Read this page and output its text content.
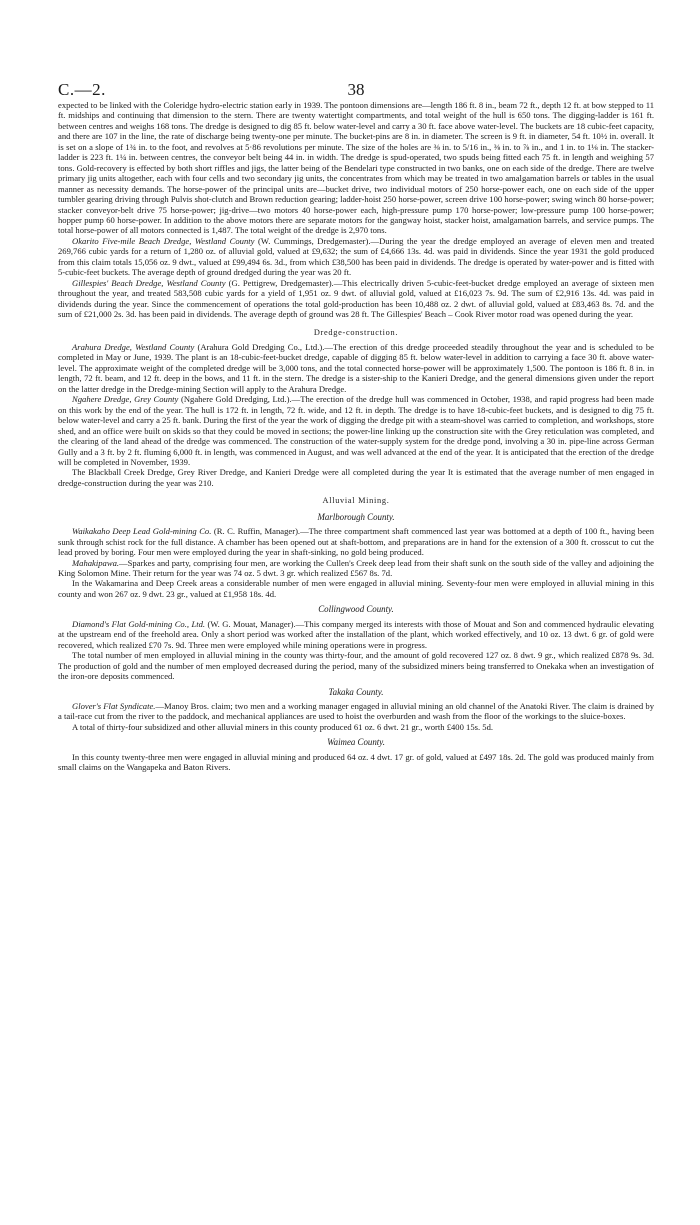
C.—2.	38

expected to be linked with the Coleridge hydro-electric station early in 1939. The pontoon dimensions are—length 186 ft. 8 in., beam 72 ft., depth 12 ft. at bow stepped to 11 ft. midships and continuing that dimension to the stern. There are twenty watertight compartments, and total weight of the hull is 650 tons. The digging-ladder is 161 ft. between centres and weighs 168 tons. The dredge is designed to dig 85 ft. below water-level and carry a 30 ft. face above water-level. The buckets are 18 cubic-feet capacity, and there are 107 in the line, the rate of discharge being twenty-one per minute. The bucket-pins are 8 in. in diameter. The screen is 9 ft. in diameter, 54 ft. 10½ in. overall. It is set on a slope of 1¾ in. to the foot, and revolves at 5·86 revolutions per minute. The size of the holes are ⅜ in. to 5/16 in., ⅜ in. to ⅞ in., and 1 in. to 1⅛ in. The stacker-ladder is 223 ft. 1¼ in. between centres, the conveyor belt being 44 in. in width. The dredge is spud-operated, two spuds being fitted each 75 ft. in length and weighing 57 tons. Gold-recovery is effected by both short riffles and jigs, the latter being of the Bendelari type constructed in two banks, one on each side of the dredge. There are twelve primary jig units altogether, each with four cells and two secondary jig units, the concentrates from which may be treated in two amalgamation barrels or tables in the usual manner as necessity demands. The horse-power of the principal units are—bucket drive, two individual motors of 250 horse-power each, one on each side of the upper tumbler gearing driving through Pulvis shot-clutch and Brown reduction gearing; ladder-hoist 250 horse-power, screen drive 100 horse-power; swing winch 80 horse-power; stacker conveyor-belt drive 75 horse-power; jig-drive—two motors 40 horse-power each, high-pressure pump 170 horse-power; low-pressure pump 100 horse-power; hopper pump 60 horse-power. In addition to the above motors there are separate motors for the gangway hoist, stacker hoist, amalgamation barrels, and service pumps. The total horse-power of all motors connected is 1,487. The total weight of the dredge is 2,970 tons.

Okarito Five-mile Beach Dredge, Westland County (W. Cummings, Dredgemaster).—During the year the dredge employed an average of eleven men and treated 269,766 cubic yards for a return of 1,280 oz. of alluvial gold, valued at £9,632; the sum of £4,666 13s. 4d. was paid in dividends. Since the year 1931 the gold produced from this claim totals 15,056 oz. 9 dwt., valued at £99,494 6s. 3d., from which £38,500 has been paid in dividends. The dredge is operated by water-power and is fitted with 5-cubic-feet buckets. The average depth of ground dredged during the year was 20 ft.

Gillespies' Beach Dredge, Westland County (G. Pettigrew, Dredgemaster).—This electrically driven 5-cubic-feet-bucket dredge employed an average of sixteen men throughout the year, and treated 583,508 cubic yards for a yield of 1,951 oz. 9 dwt. of alluvial gold, valued at £16,023 7s. 9d. The sum of £2,916 13s. 4d. was paid in dividends during the year. Since the commencement of operations the total gold-production has been 10,488 oz. 2 dwt. of alluvial gold, valued at £83,463 8s. 7d. and the sum of £21,000 2s. 3d. has been paid in dividends. The average depth of ground was 28 ft. The Gillespies' Beach – Cook River motor road was opened during the year.

Dredge-construction.

Arahura Dredge, Westland County (Arahura Gold Dredging Co., Ltd.).—The erection of this dredge proceeded steadily throughout the year and is scheduled to be completed in May or June, 1939. The plant is an 18-cubic-feet-bucket dredge, capable of digging 85 ft. below water-level in addition to carrying a face 30 ft. above water-level. The approximate weight of the completed dredge will be 3,000 tons, and the total connected horse-power will be approximately 1,500. The pontoon is 186 ft. 8 in. in length, 72 ft. beam, and 12 ft. deep in the bows, and 11 ft. in the stern. The dredge is a sister-ship to the Kanieri Dredge, and the general dimensions given under the report on the latter dredge in the Dredge-mining Section will apply to the Arahura Dredge.

Ngahere Dredge, Grey County (Ngahere Gold Dredging, Ltd.).—The erection of the dredge hull was commenced in October, 1938, and rapid progress had been made on this work by the end of the year. The hull is 172 ft. in length, 72 ft. wide, and 12 ft. in depth. The dredge is to have 18-cubic-feet buckets, and is designed to dig 75 ft. below water-level and carry a 25 ft. bank. During the first of the year the work of digging the dredge pit with a steam-shovel was carried to completion, and workshops, store shed, and an office were built on skids so that they could be moved in sections; the power-line linking up the construction site with the Grey reticulation was completed, and the clearing of the land ahead of the dredge was commenced. The construction of the water-supply system for the dredge pond, involving a 30 in. pipe-line across German Gully and a 3 ft. by 2 ft. fluming 6,000 ft. in length, was commenced in August, and was well advanced at the end of the year. It is anticipated that the erection of the dredge will be completed in November, 1939.

The Blackball Creek Dredge, Grey River Dredge, and Kanieri Dredge were all completed during the year It is estimated that the average number of men engaged in dredge-construction during the year was 210.

Alluvial Mining.
Marlborough County.

Waikakaho Deep Lead Gold-mining Co. (R. C. Ruffin, Manager).—The three compartment shaft commenced last year was bottomed at a depth of 100 ft., having been sunk through schist rock for the full distance. A chamber has been opened out at shaft-bottom, and preparations are in hand for the extension of a 300 ft. crosscut to cut the lead proved by boring. Four men were employed during the year in shaft-sinking, no gold being produced.

Mahakipawa.—Sparkes and party, comprising four men, are working the Cullen's Creek deep lead from their shaft sunk on the south side of the valley and adjoining the King Solomon Mine. Their return for the year was 74 oz. 5 dwt. 3 gr. which realized £567 8s. 7d.

In the Wakamarina and Deep Creek areas a considerable number of men were engaged in alluvial mining. Seventy-four men were employed in alluvial mining in this county and won 267 oz. 9 dwt. 23 gr., valued at £1,958 18s. 4d.

Collingwood County.

Diamond's Flat Gold-mining Co., Ltd. (W. G. Mouat, Manager).—This company merged its interests with those of Mouat and Son and commenced hydraulic elevating at the upstream end of the freehold area. Only a short period was worked after the installation of the plant, which worked effectively, and 10 oz. 13 dwt. 6 gr. of gold were recovered, which realized £70 7s. 9d. Three men were employed while mining operations were in progress.

The total number of men employed in alluvial mining in the county was thirty-four, and the amount of gold recovered 127 oz. 8 dwt. 9 gr., which realized £878 9s. 3d. The production of gold and the number of men employed decreased during the period, many of the subsidized miners being transferred to Onekaka when an investigation of the iron-ore deposits commenced.

Takaka County.

Glover's Flat Syndicate.—Manoy Bros. claim; two men and a working manager engaged in alluvial mining an old channel of the Anatoki River. The claim is drained by a tail-race cut from the river to the paddock, and mechanical appliances are used to hoist the overburden and wash from the floor of the workings to the sluice-boxes.

A total of thirty-four subsidized and other alluvial miners in this county produced 61 oz. 6 dwt. 21 gr., worth £400 15s. 5d.

Waimea County.

In this county twenty-three men were engaged in alluvial mining and produced 64 oz. 4 dwt. 17 gr. of gold, valued at £497 18s. 2d. The gold was produced mainly from small claims on the Wangapeka and Baton Rivers.
